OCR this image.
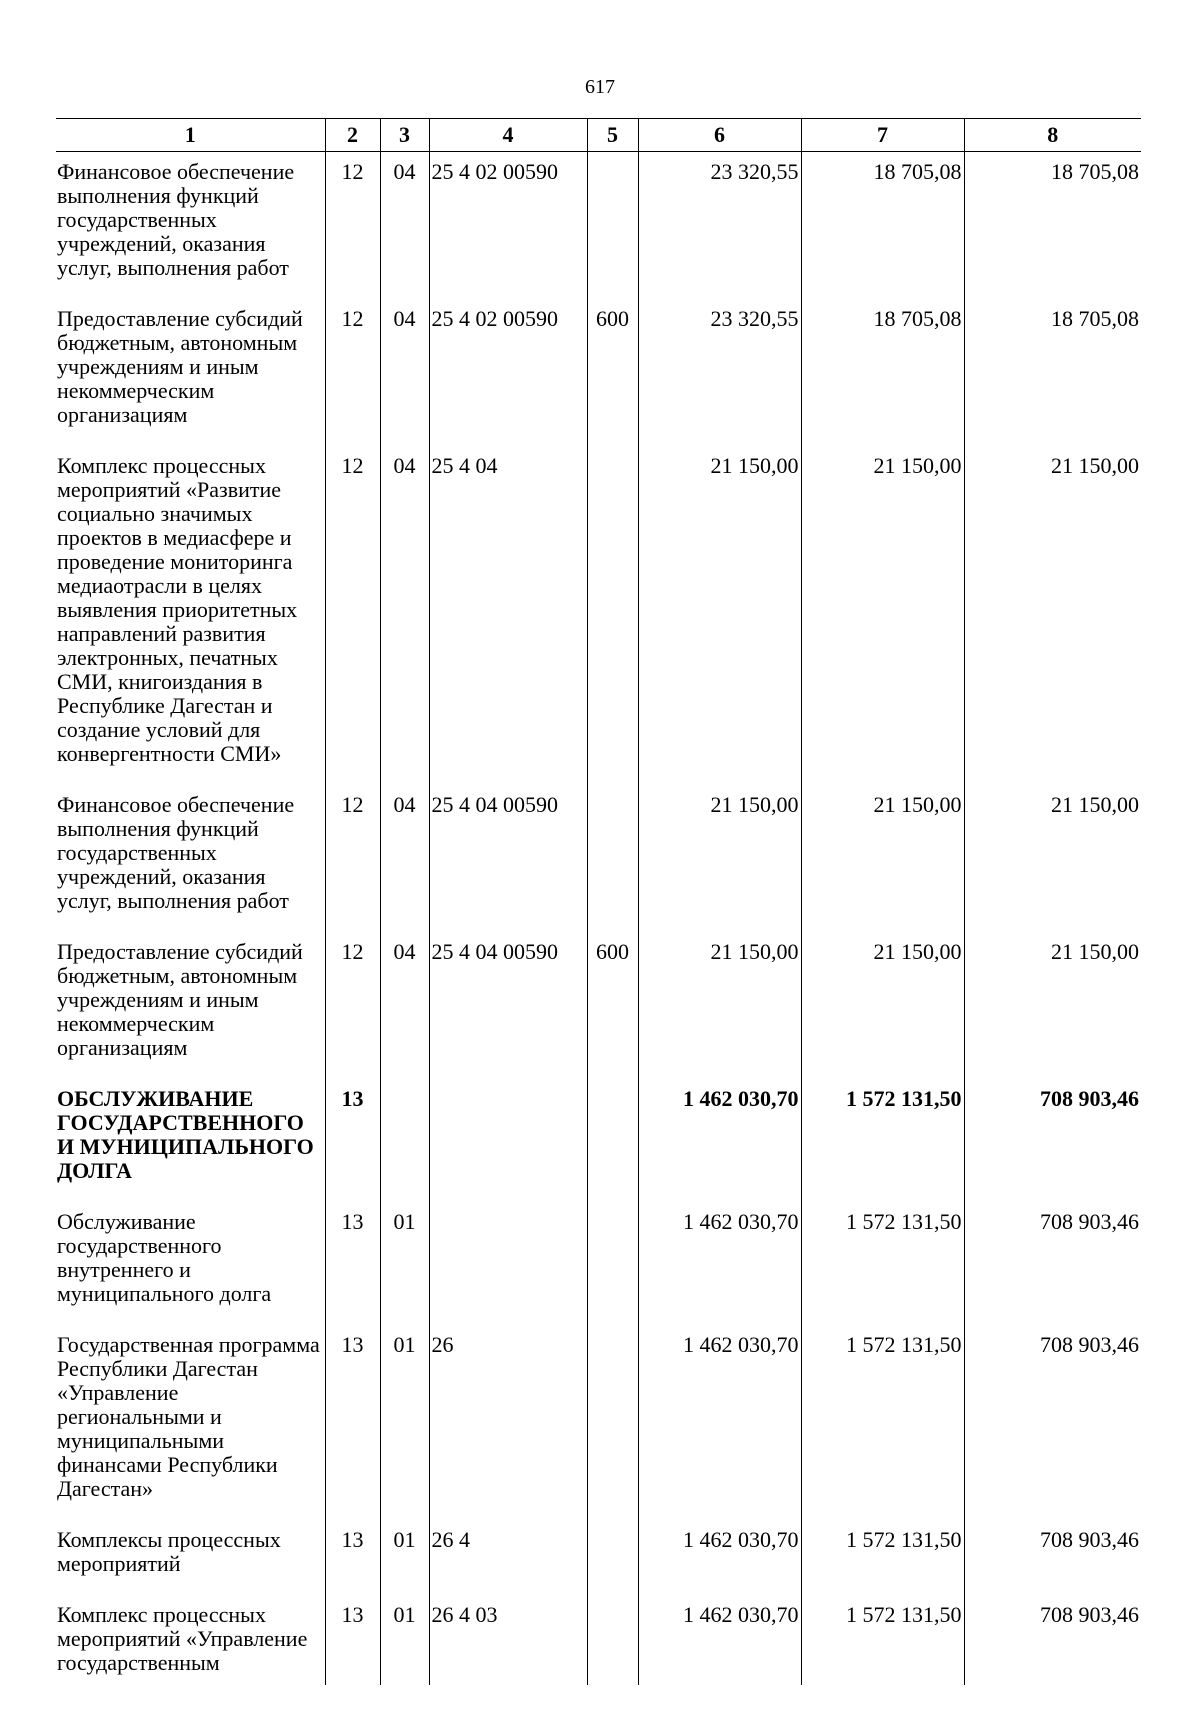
617
1	2	3	4	5	6	7	8
Финансовое обеспечение выполнения функций государственных учреждений, оказания услуг, выполнения работ	12	04	25 4 02 00590		23 320,55	18 705,08	18 705,08
Предоставление субсидий бюджетным, автономным учреждениям и иным некоммерческим организациям	12	04	25 4 02 00590	600	23 320,55	18 705,08	18 705,08
Комплекс процессных мероприятий «Развитие социально значимых проектов в медиасфере и проведение мониторинга медиаотрасли в целях выявления приоритетных направлений развития электронных, печатных СМИ, книгоиздания в Республике Дагестан и создание условий для конвергентности СМИ»	12	04	25 4 04		21 150,00	21 150,00	21 150,00
Финансовое обеспечение выполнения функций государственных учреждений, оказания услуг, выполнения работ	12	04	25 4 04 00590		21 150,00	21 150,00	21 150,00
Предоставление субсидий бюджетным, автономным учреждениям и иным некоммерческим организациям	12	04	25 4 04 00590	600	21 150,00	21 150,00	21 150,00
ОБСЛУЖИВАНИЕ ГОСУДАРСТВЕННОГО И МУНИЦИПАЛЬНОГО ДОЛГА	13				1 462 030,70	1 572 131,50	708 903,46
Обслуживание государственного внутреннего и муниципального долга	13	01			1 462 030,70	1 572 131,50	708 903,46
Государственная программа Республики Дагестан «Управление региональными и муниципальными финансами Республики Дагестан»	13	01	26		1 462 030,70	1 572 131,50	708 903,46
Комплексы процессных мероприятий	13	01	26 4		1 462 030,70	1 572 131,50	708 903,46
Комплекс процессных мероприятий «Управление государственным	13	01	26 4 03		1 462 030,70	1 572 131,50	708 903,46
